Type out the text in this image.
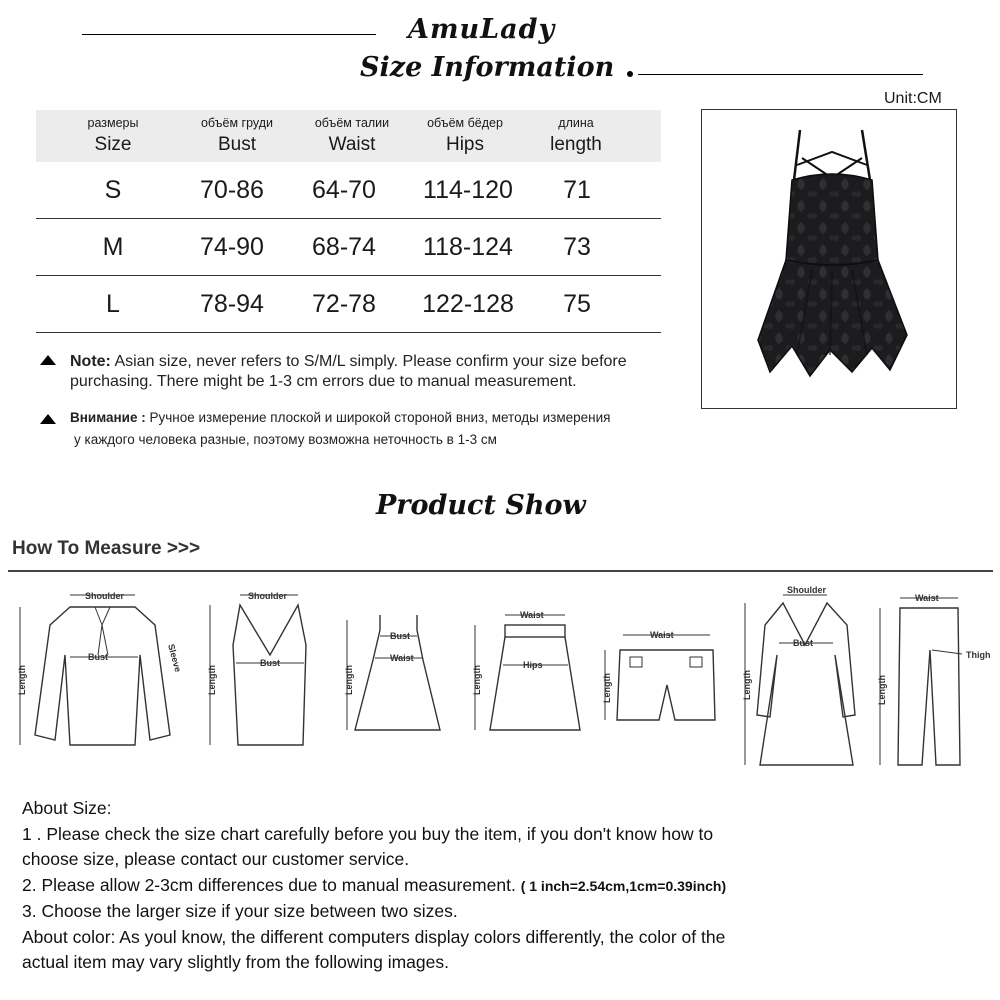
AmuLady
Size Information
Unit:CM
размеры
Size
объём груди
Bust
объём талии
Waist
объём бёдер
Hips
длина
length
S	70-86	64-70	114-120	71
M	74-90	68-74	118-124	73
L	78-94	72-78	122-128	75
Note: Asian size, never refers to S/M/L simply. Please confirm your size before
purchasing. There might be 1-3 cm errors due to manual measurement.
Внимание : Ручное измерение плоской и широкой стороной вниз, методы измерения
у каждого человека разные, поэтому возможна неточность в 1-3 см
Product Show
How To Measure >>>
Shoulder
Bust
Length
Sleeve
Shoulder
Bust
Length
Bust
Waist
Length
Waist
Hips
Length
Waist
Length
Shoulder
Bust
Length
Waist
Thigh
Length
About Size:
1 . Please check the size chart carefully before you buy the item, if you don't know how to
choose size, please contact our customer service.
2. Please allow 2-3cm differences due to manual measurement. ( 1 inch=2.54cm,1cm=0.39inch)
3. Choose the larger size if your size between two sizes.
About color: As youl know, the different computers display colors differently, the color of the
actual item may vary slightly from the following images.
